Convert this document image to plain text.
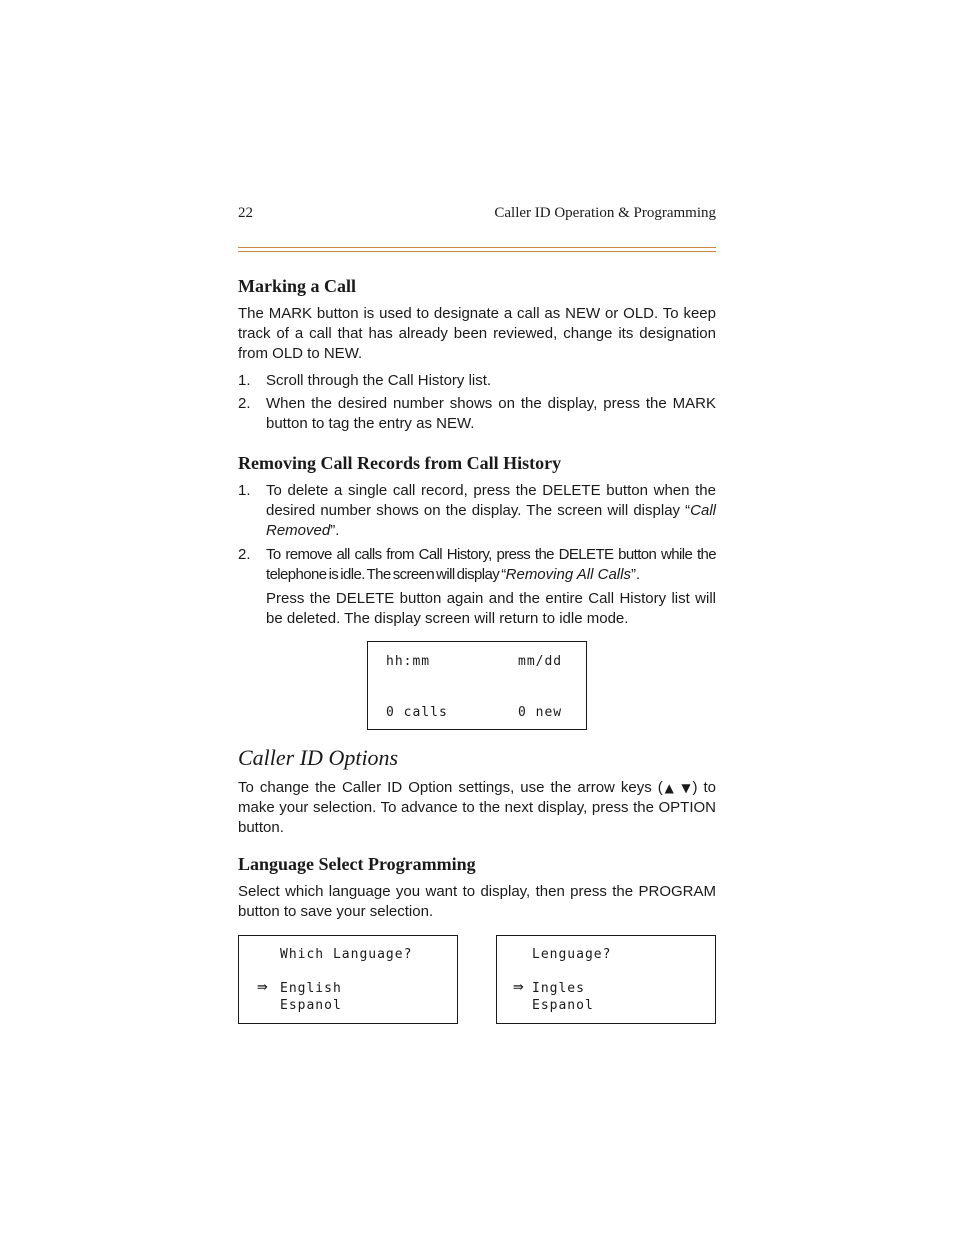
22	Caller ID Operation & Programming
Marking a Call

The MARK button is used to designate a call as NEW or OLD. To keep track of a call that has already been reviewed, change its designation from OLD to NEW.

1. Scroll through the Call History list.
2. When the desired number shows on the display, press the MARK button to tag the entry as NEW.
Removing Call Records from Call History
1. To delete a single call record, press the DELETE button when the desired number shows on the display. The screen will display “Call Removed”.
2. To remove all calls from Call History, press the DELETE button while the telephone is idle. The screen will display “Removing All Calls”.

Press the DELETE button again and the entire Call History list will be deleted. The display screen will return to idle mode.

hh:mm	mm/dd
0 calls	0 new
Caller ID Options

To change the Caller ID Option settings, use the arrow keys (▲ ▼) to make your selection. To advance to the next display, press the OPTION button.

Language Select Programming

Select which language you want to display, then press the PROGRAM button to save your selection.

Which Language?
⇛ English
Espanol
Lenguage?
⇛ Ingles
Espanol
